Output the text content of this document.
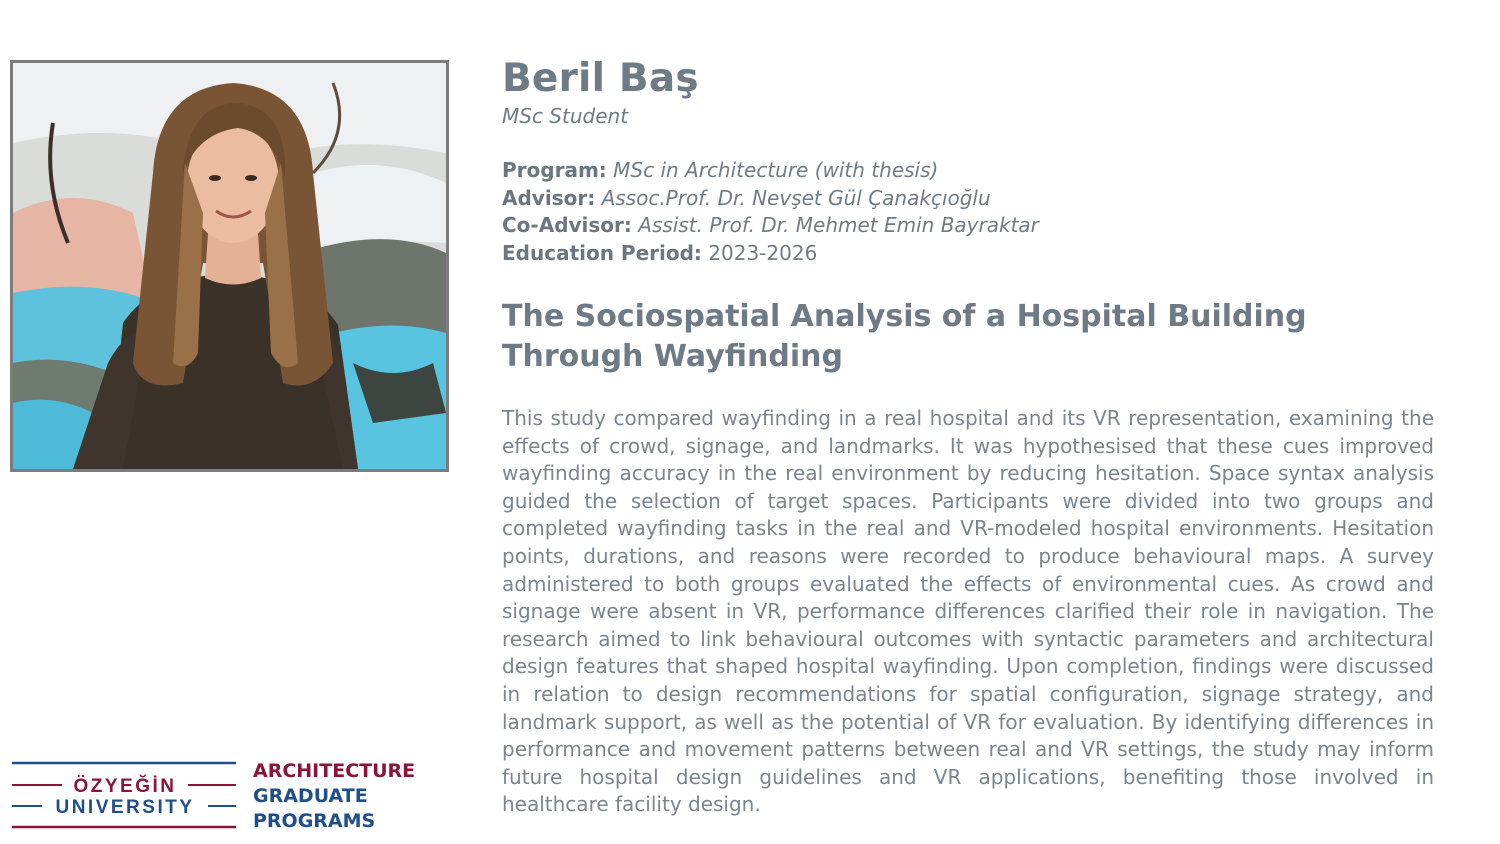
Beril Baş

MSc Student

Program: MSc in Architecture (with thesis)

Advisor: Assoc.Prof. Dr. Nevşet Gül Çanakçıoğlu

Co-Advisor: Assist. Prof. Dr. Mehmet Emin Bayraktar

Education Period: 2023-2026

The Sociospatial Analysis of a Hospital Building Through Wayfinding

This study compared wayfinding in a real hospital and its VR representation, examining the effects of crowd, signage, and landmarks. It was hypothesised that these cues improved wayfinding accuracy in the real environment by reducing hesitation. Space syntax analysis guided the selection of target spaces. Participants were divided into two groups and completed wayfinding tasks in the real and VR-modeled hospital environments. Hesitation points, durations, and reasons were recorded to produce behavioural maps. A survey administered to both groups evaluated the effects of environmental cues. As crowd and signage were absent in VR, performance differences clarified their role in navigation. The research aimed to link behavioural outcomes with syntactic parameters and architectural design features that shaped hospital wayfinding. Upon completion, findings were discussed in relation to design recommendations for spatial configuration, signage strategy, and landmark support, as well as the potential of VR for evaluation. By identifying differences in performance and movement patterns between real and VR settings, the study may inform future hospital design guidelines and VR applications, benefiting those involved in healthcare facility design.

ÖZYEĞİN
UNIVERSITY
ARCHITECTURE
GRADUATE
PROGRAMS
